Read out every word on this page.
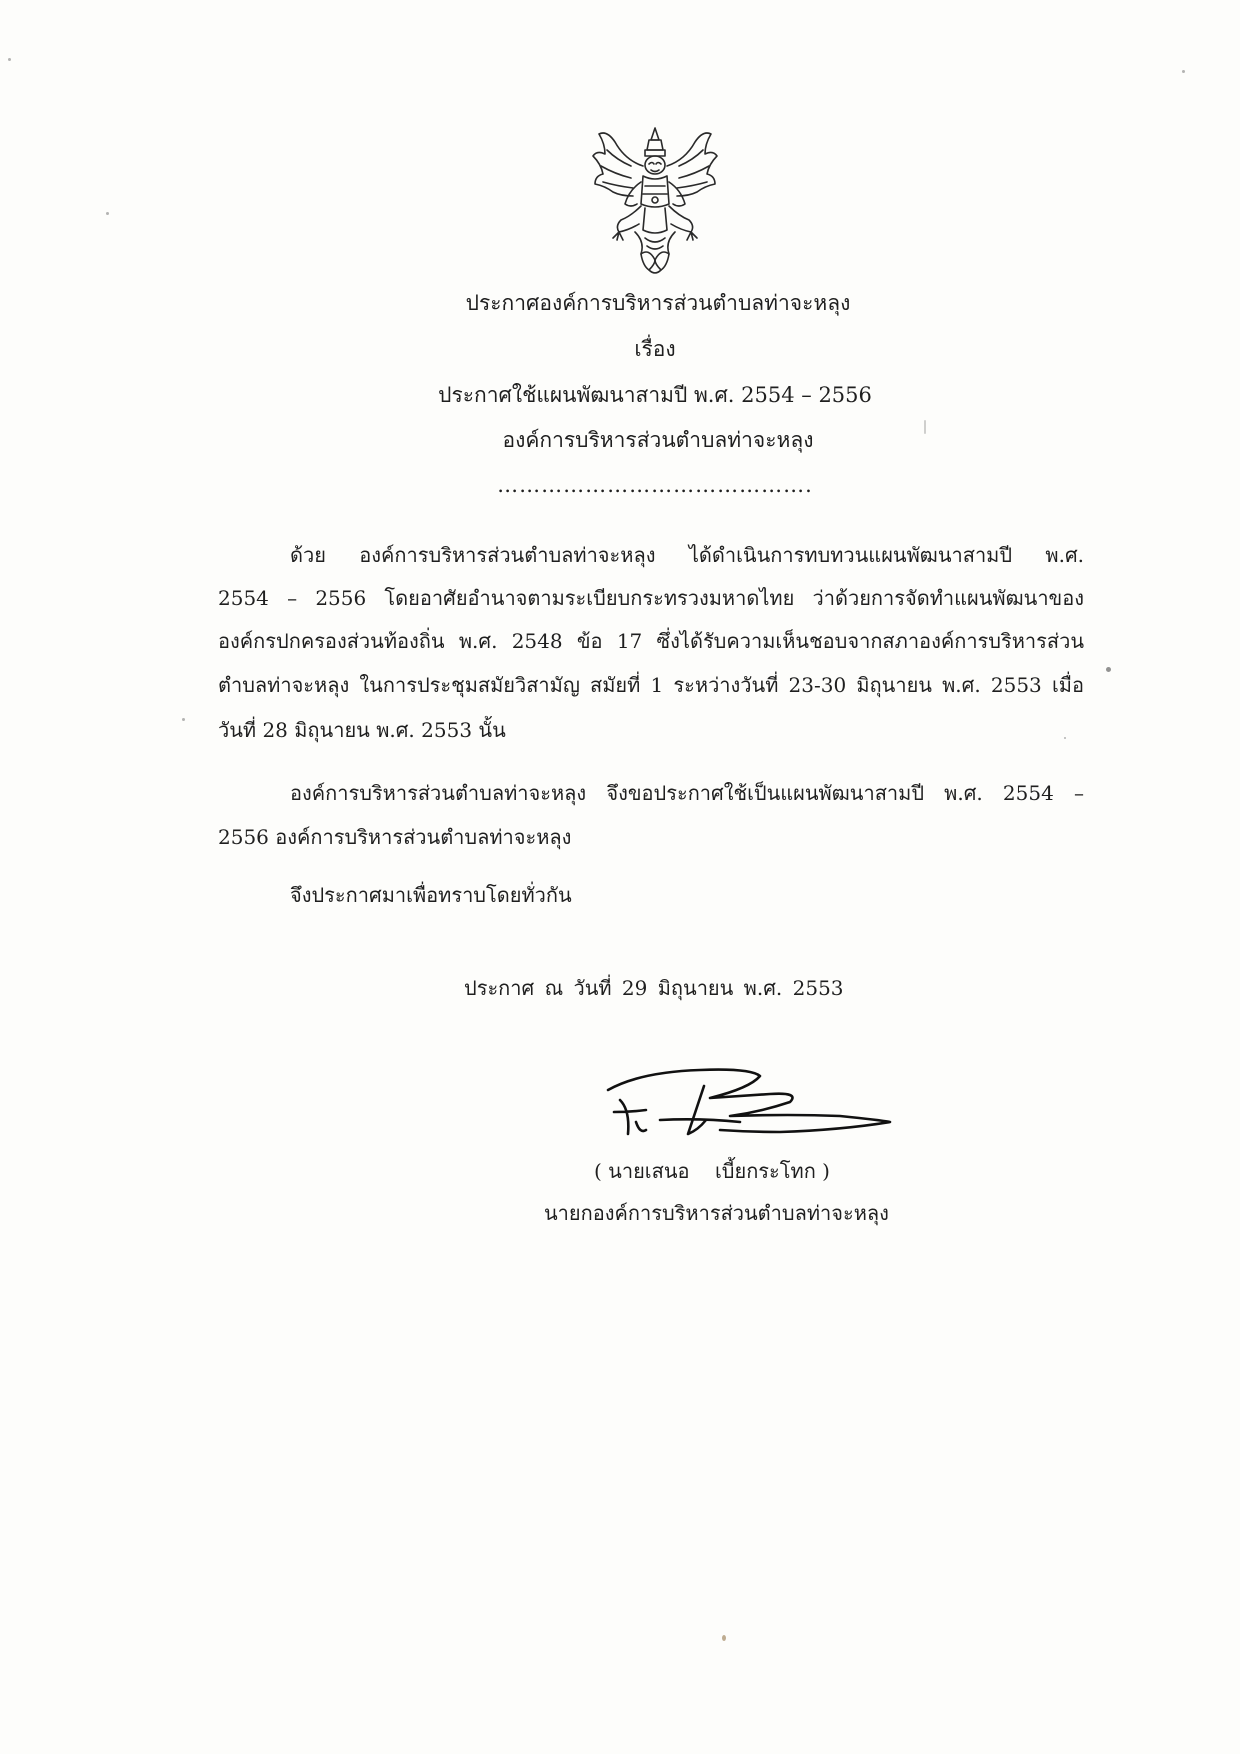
ประกาศองค์การบริหารส่วนตำบลท่าจะหลุง
เรื่อง
ประกาศใช้แผนพัฒนาสามปี พ.ศ. 2554 – 2556
องค์การบริหารส่วนตำบลท่าจะหลุง
…………………………………….
ด้วย องค์การบริหารส่วนตำบลท่าจะหลุง ได้ดำเนินการทบทวนแผนพัฒนาสามปี พ.ศ.
2554 – 2556 โดยอาศัยอำนาจตามระเบียบกระทรวงมหาดไทย ว่าด้วยการจัดทำแผนพัฒนาของ
องค์กรปกครองส่วนท้องถิ่น พ.ศ. 2548 ข้อ 17 ซึ่งได้รับความเห็นชอบจากสภาองค์การบริหารส่วน
ตำบลท่าจะหลุง ในการประชุมสมัยวิสามัญ สมัยที่ 1 ระหว่างวันที่ 23-30 มิถุนายน พ.ศ. 2553 เมื่อ
วันที่ 28 มิถุนายน พ.ศ. 2553 นั้น
องค์การบริหารส่วนตำบลท่าจะหลุง จึงขอประกาศใช้เป็นแผนพัฒนาสามปี พ.ศ. 2554 –
2556 องค์การบริหารส่วนตำบลท่าจะหลุง
จึงประกาศมาเพื่อทราบโดยทั่วกัน
ประกาศ ณ วันที่ 29 มิถุนายน พ.ศ. 2553
( นายเสนอ    เบี้ยกระโทก )
นายกองค์การบริหารส่วนตำบลท่าจะหลุง
